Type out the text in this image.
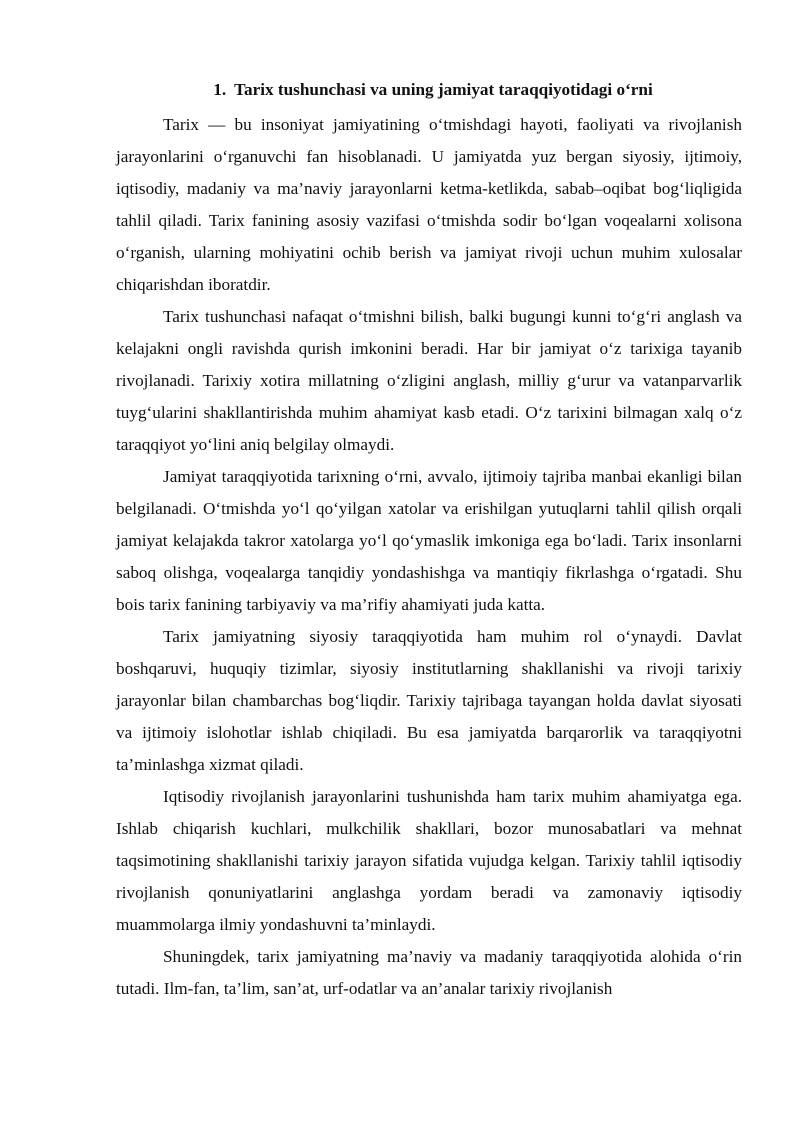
1. Tarix tushunchasi va uning jamiyat taraqqiyotidagi o‘rni

Tarix — bu insoniyat jamiyatining o‘tmishdagi hayoti, faoliyati va rivojlanish jarayonlarini o‘rganuvchi fan hisoblanadi. U jamiyatda yuz bergan siyosiy, ijtimoiy, iqtisodiy, madaniy va ma’naviy jarayonlarni ketma-ketlikda, sabab–oqibat bog‘liqligida tahlil qiladi. Tarix fanining asosiy vazifasi o‘tmishda sodir bo‘lgan voqealarni xolisona o‘rganish, ularning mohiyatini ochib berish va jamiyat rivoji uchun muhim xulosalar chiqarishdan iboratdir.

Tarix tushunchasi nafaqat o‘tmishni bilish, balki bugungi kunni to‘g‘ri anglash va kelajakni ongli ravishda qurish imkonini beradi. Har bir jamiyat o‘z tarixiga tayanib rivojlanadi. Tarixiy xotira millatning o‘zligini anglash, milliy g‘urur va vatanparvarlik tuyg‘ularini shakllantirishda muhim ahamiyat kasb etadi. O‘z tarixini bilmagan xalq o‘z taraqqiyot yo‘lini aniq belgilay olmaydi.

Jamiyat taraqqiyotida tarixning o‘rni, avvalo, ijtimoiy tajriba manbai ekanligi bilan belgilanadi. O‘tmishda yo‘l qo‘yilgan xatolar va erishilgan yutuqlarni tahlil qilish orqali jamiyat kelajakda takror xatolarga yo‘l qo‘ymaslik imkoniga ega bo‘ladi. Tarix insonlarni saboq olishga, voqealarga tanqidiy yondashishga va mantiqiy fikrlashga o‘rgatadi. Shu bois tarix fanining tarbiyaviy va ma’rifiy ahamiyati juda katta.

Tarix jamiyatning siyosiy taraqqiyotida ham muhim rol o‘ynaydi. Davlat boshqaruvi, huquqiy tizimlar, siyosiy institutlarning shakllanishi va rivoji tarixiy jarayonlar bilan chambarchas bog‘liqdir. Tarixiy tajribaga tayangan holda davlat siyosati va ijtimoiy islohotlar ishlab chiqiladi. Bu esa jamiyatda barqarorlik va taraqqiyotni ta’minlashga xizmat qiladi.

Iqtisodiy rivojlanish jarayonlarini tushunishda ham tarix muhim ahamiyatga ega. Ishlab chiqarish kuchlari, mulkchilik shakllari, bozor munosabatlari va mehnat taqsimotining shakllanishi tarixiy jarayon sifatida vujudga kelgan. Tarixiy tahlil iqtisodiy rivojlanish qonuniyatlarini anglashga yordam beradi va zamonaviy iqtisodiy muammolarga ilmiy yondashuvni ta’minlaydi.

Shuningdek, tarix jamiyatning ma’naviy va madaniy taraqqiyotida alohida o‘rin tutadi. Ilm-fan, ta’lim, san’at, urf-odatlar va an’analar tarixiy rivojlanish
